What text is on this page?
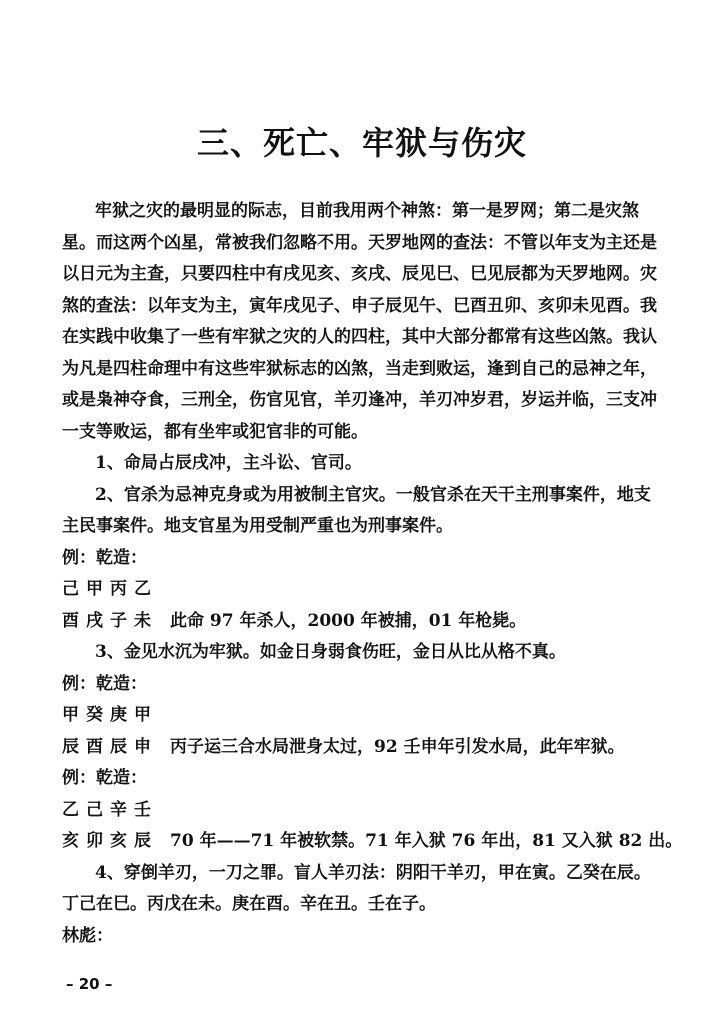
三、死亡、牢狱与伤灾

牢狱之灾的最明显的际志，目前我用两个神煞：第一是罗网；第二是灾煞星。而这两个凶星，常被我们忽略不用。天罗地网的查法：不管以年支为主还是以日元为主查，只要四柱中有戌见亥、亥戌、辰见巳、巳见辰都为天罗地网。灾煞的查法：以年支为主，寅年戌见子、申子辰见午、巳酉丑卯、亥卯未见酉。我在实践中收集了一些有牢狱之灾的人的四柱，其中大部分都常有这些凶煞。我认为凡是四柱命理中有这些牢狱标志的凶煞，当走到败运，逢到自己的忌神之年，或是枭神夺食，三刑全，伤官见官，羊刃逢冲，羊刃冲岁君，岁运并临，三支冲一支等败运，都有坐牢或犯官非的可能。

1、命局占辰戌冲，主斗讼、官司。

2、官杀为忌神克身或为用被制主官灾。一般官杀在天干主刑事案件，地支主民事案件。地支官星为用受制严重也为刑事案件。

例：乾造：

己甲丙乙

酉戌子未 此命 97 年杀人，2000 年被捕，01 年枪毙。

3、金见水沉为牢狱。如金日身弱食伤旺，金日从比从格不真。

例：乾造：

甲癸庚甲

辰酉辰申 丙子运三合水局泄身太过，92 壬申年引发水局，此年牢狱。

例：乾造：

乙己辛壬

亥卯亥辰 70 年——71 年被软禁。71 年入狱 76 年出，81 又入狱 82 出。

4、穿倒羊刃，一刀之罪。盲人羊刃法：阴阳干羊刃，甲在寅。乙癸在辰。丁己在巳。丙戊在未。庚在酉。辛在丑。壬在子。

林彪：

– 20 –
